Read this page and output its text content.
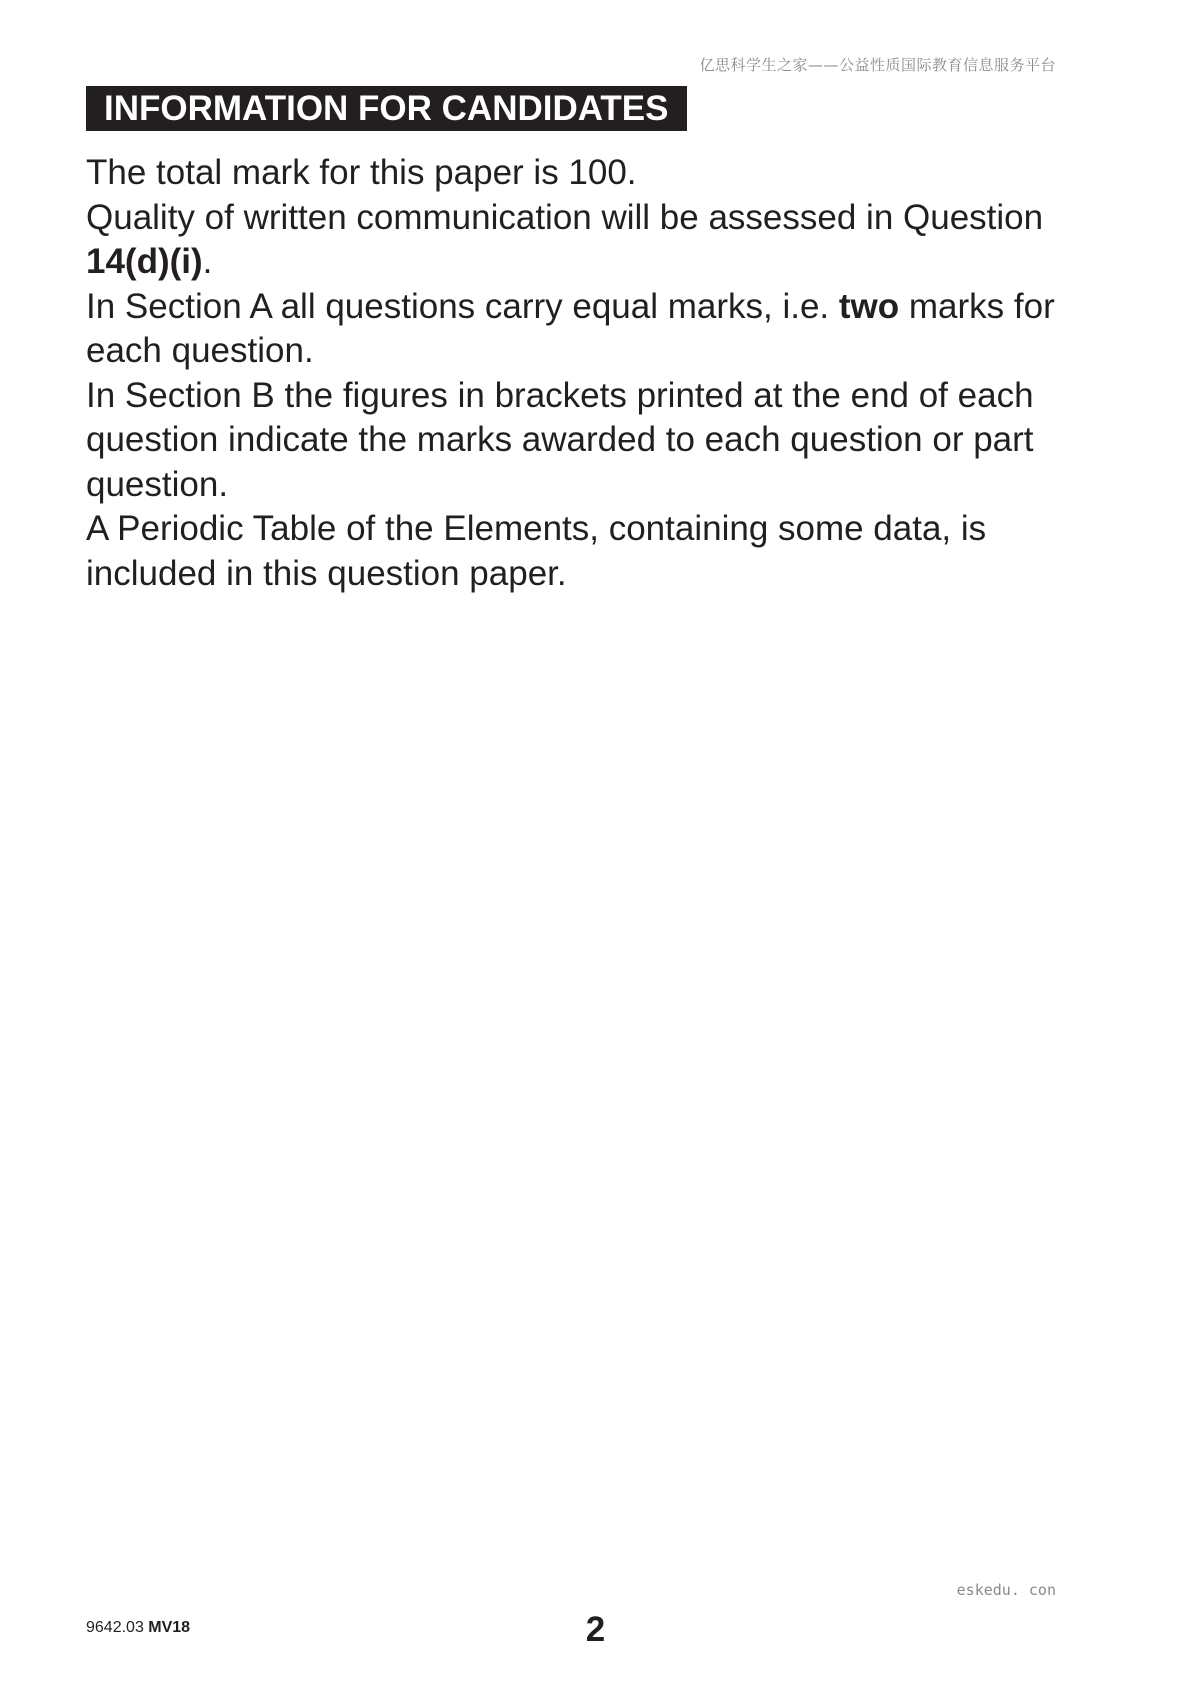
亿思科学生之家——公益性质国际教育信息服务平台
INFORMATION FOR CANDIDATES

The total mark for this paper is 100.

Quality of written communication will be assessed in Question 14(d)(i).

In Section A all questions carry equal marks, i.e. two marks for each question.

In Section B the figures in brackets printed at the end of each question indicate the marks awarded to each question or part question.

A Periodic Table of the Elements, containing some data, is included in this question paper.

eskedu. con
9642.03 MV18	2
